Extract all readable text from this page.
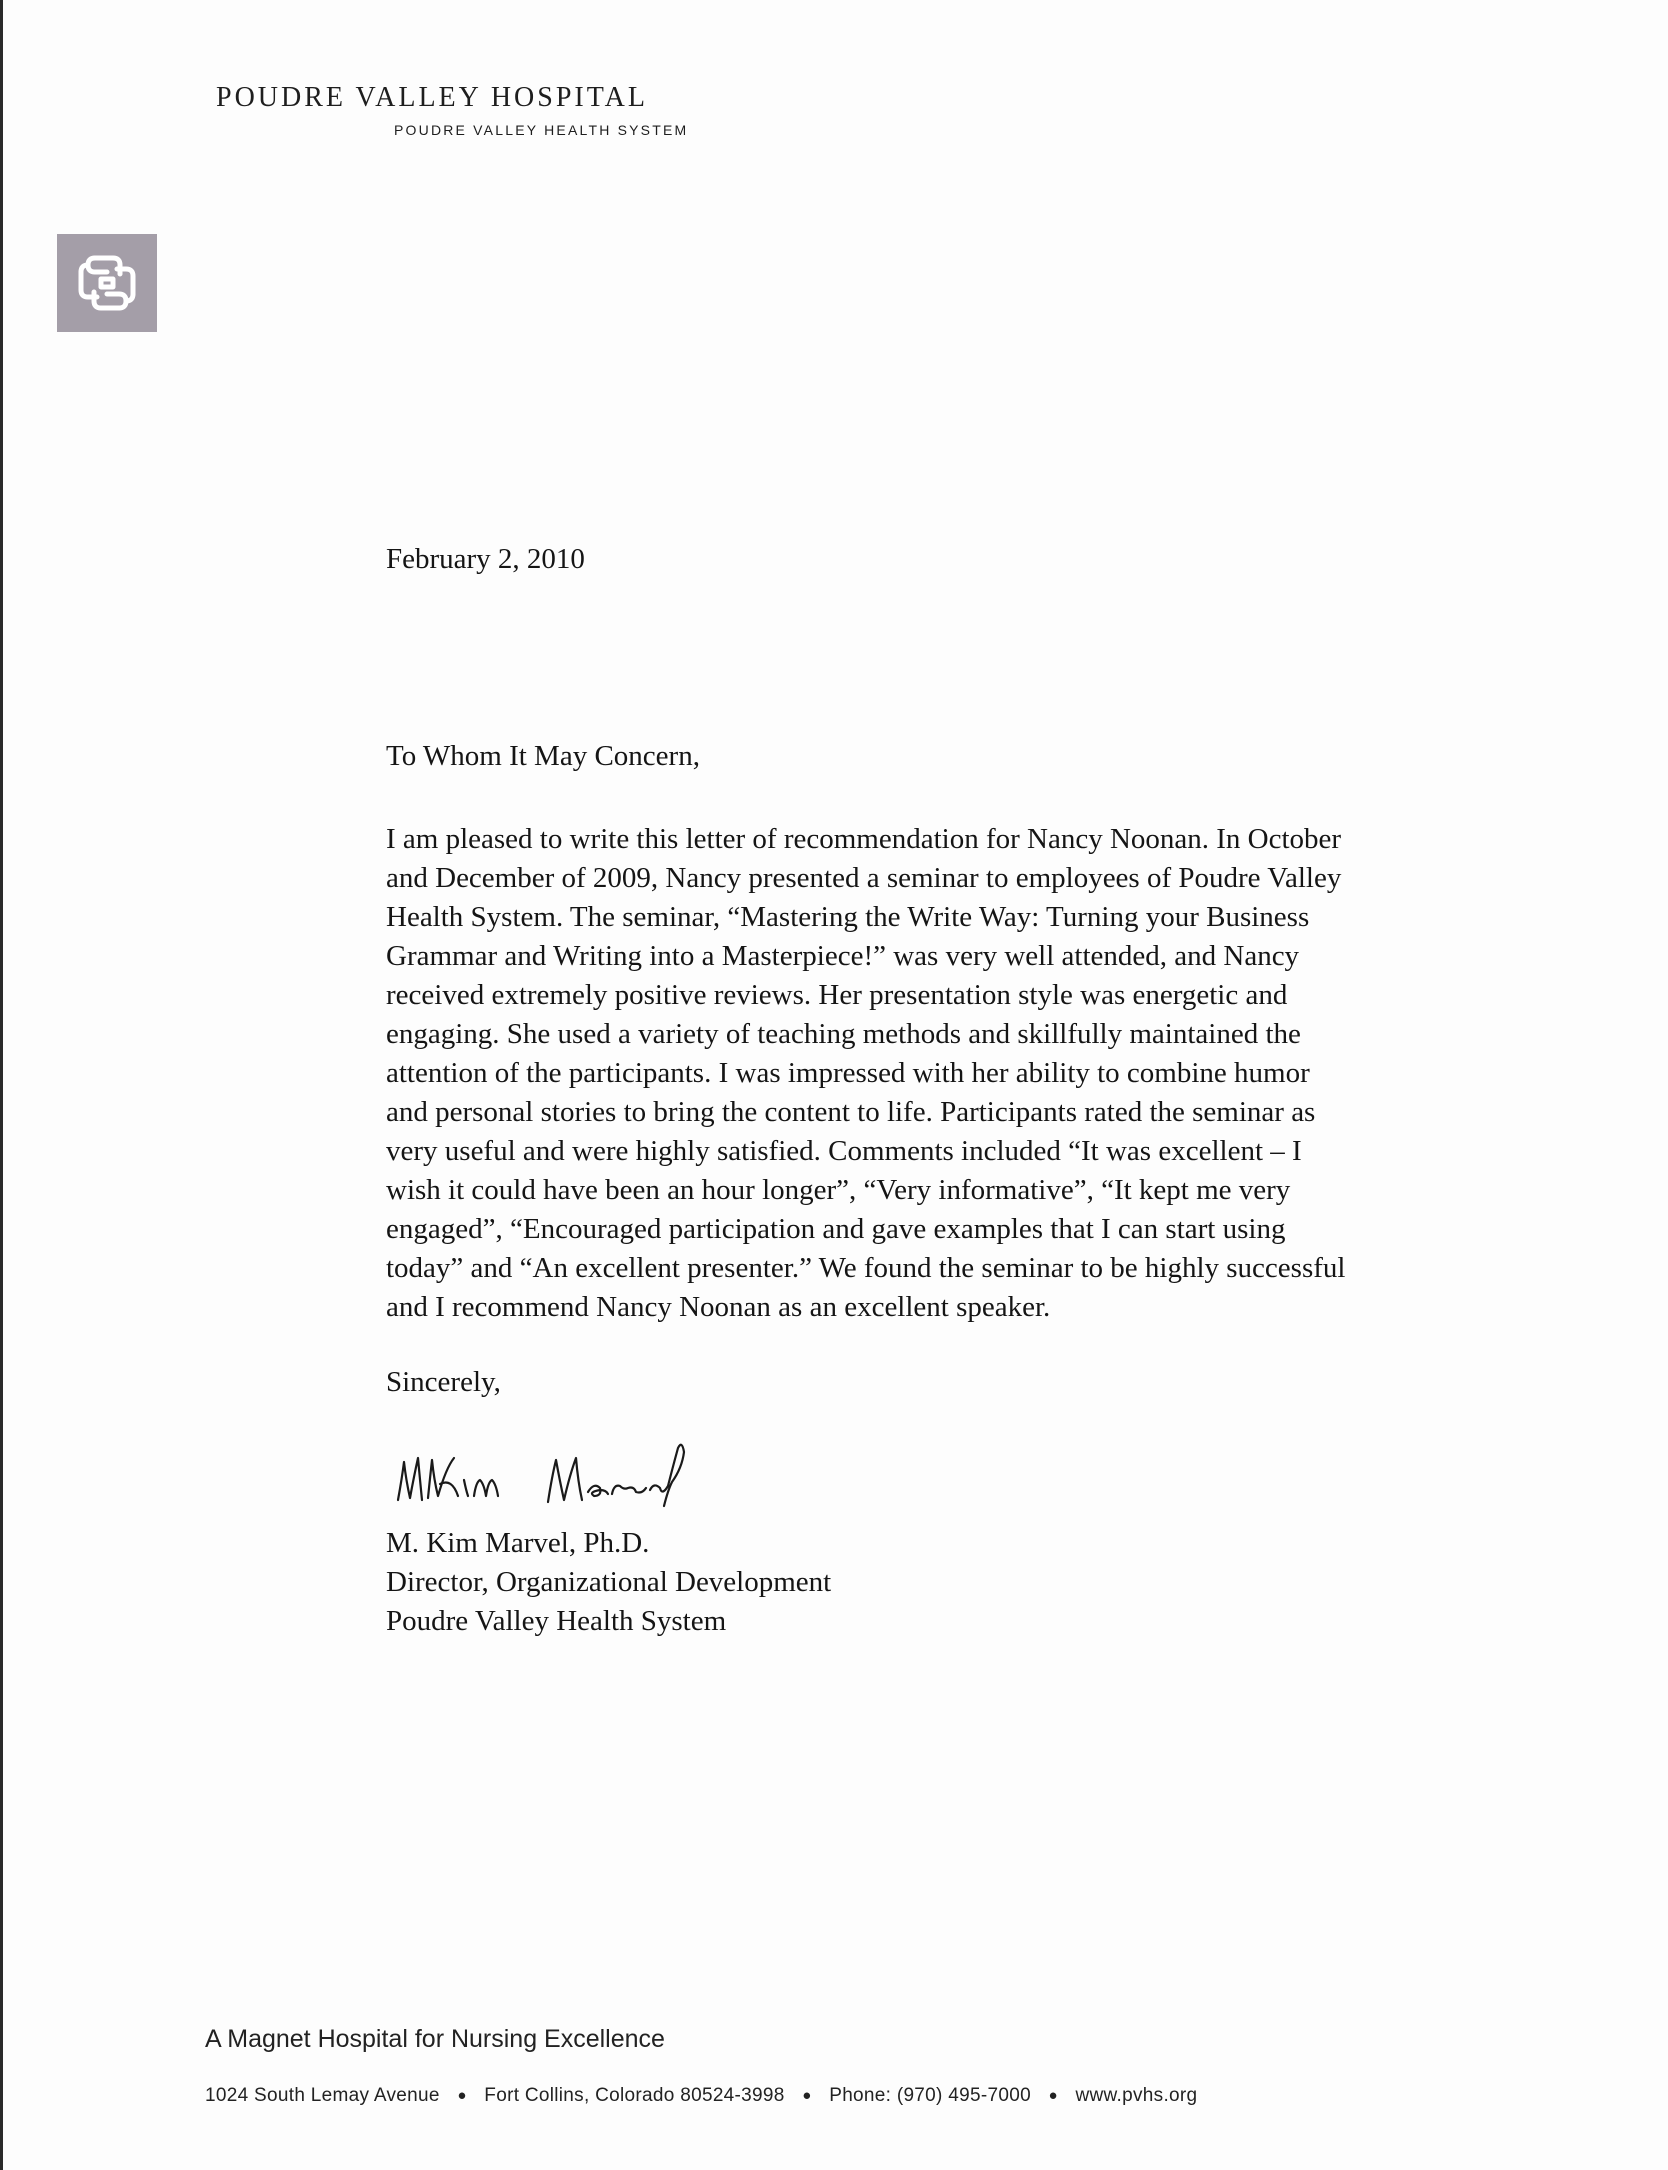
POUDRE VALLEY HOSPITAL
POUDRE VALLEY HEALTH SYSTEM
February 2, 2010
To Whom It May Concern,
I am pleased to write this letter of recommendation for Nancy Noonan. In October
and December of 2009, Nancy presented a seminar to employees of Poudre Valley
Health System. The seminar, “Mastering the Write Way: Turning your Business
Grammar and Writing into a Masterpiece!” was very well attended, and Nancy
received extremely positive reviews. Her presentation style was energetic and
engaging. She used a variety of teaching methods and skillfully maintained the
attention of the participants. I was impressed with her ability to combine humor
and personal stories to bring the content to life. Participants rated the seminar as
very useful and were highly satisfied. Comments included “It was excellent – I
wish it could have been an hour longer”, “Very informative”, “It kept me very
engaged”, “Encouraged participation and gave examples that I can start using
today” and “An excellent presenter.” We found the seminar to be highly successful
and I recommend Nancy Noonan as an excellent speaker.
Sincerely,
M. Kim Marvel, Ph.D.
Director, Organizational Development
Poudre Valley Health System
A Magnet Hospital for Nursing Excellence
1024 South Lemay Avenue ● Fort Collins, Colorado 80524-3998 ● Phone: (970) 495-7000 ● www.pvhs.org
